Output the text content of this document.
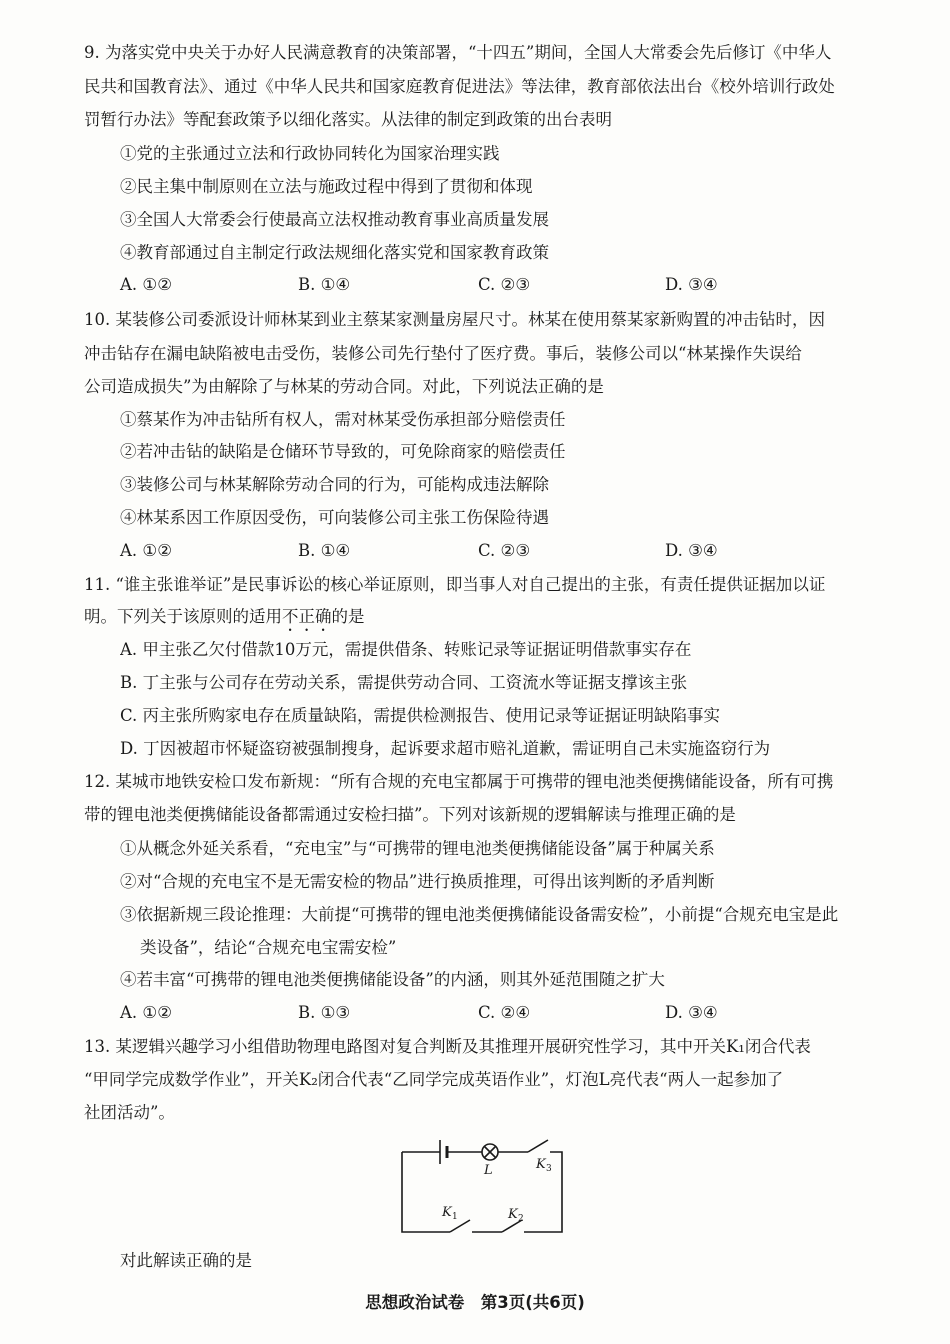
9. 为落实党中央关于办好人民满意教育的决策部署，“十四五”期间，全国人大常委会先后修订《中华人
民共和国教育法》、通过《中华人民共和国家庭教育促进法》等法律，教育部依法出台《校外培训行政处
罚暂行办法》等配套政策予以细化落实。从法律的制定到政策的出台表明
①党的主张通过立法和行政协同转化为国家治理实践
②民主集中制原则在立法与施政过程中得到了贯彻和体现
③全国人大常委会行使最高立法权推动教育事业高质量发展
④教育部通过自主制定行政法规细化落实党和国家教育政策
A. ①②	B. ①④	C. ②③	D. ③④
10. 某装修公司委派设计师林某到业主蔡某家测量房屋尺寸。林某在使用蔡某家新购置的冲击钻时，因
冲击钻存在漏电缺陷被电击受伤，装修公司先行垫付了医疗费。事后，装修公司以“林某操作失误给
公司造成损失”为由解除了与林某的劳动合同。对此，下列说法正确的是
①蔡某作为冲击钻所有权人，需对林某受伤承担部分赔偿责任
②若冲击钻的缺陷是仓储环节导致的，可免除商家的赔偿责任
③装修公司与林某解除劳动合同的行为，可能构成违法解除
④林某系因工作原因受伤，可向装修公司主张工伤保险待遇
A. ①②	B. ①④	C. ②③	D. ③④
11. “谁主张谁举证”是民事诉讼的核心举证原则，即当事人对自己提出的主张，有责任提供证据加以证
明。下列关于该原则的适用不正确的是
A. 甲主张乙欠付借款10万元，需提供借条、转账记录等证据证明借款事实存在
B. 丁主张与公司存在劳动关系，需提供劳动合同、工资流水等证据支撑该主张
C. 丙主张所购家电存在质量缺陷，需提供检测报告、使用记录等证据证明缺陷事实
D. 丁因被超市怀疑盗窃被强制搜身，起诉要求超市赔礼道歉，需证明自己未实施盗窃行为
12. 某城市地铁安检口发布新规：“所有合规的充电宝都属于可携带的锂电池类便携储能设备，所有可携
带的锂电池类便携储能设备都需通过安检扫描”。下列对该新规的逻辑解读与推理正确的是
①从概念外延关系看，“充电宝”与“可携带的锂电池类便携储能设备”属于种属关系
②对“合规的充电宝不是无需安检的物品”进行换质推理，可得出该判断的矛盾判断
③依据新规三段论推理：大前提“可携带的锂电池类便携储能设备需安检”，小前提“合规充电宝是此
类设备”，结论“合规充电宝需安检”
④若丰富“可携带的锂电池类便携储能设备”的内涵，则其外延范围随之扩大
A. ①②	B. ①③	C. ②④	D. ③④
13. 某逻辑兴趣学习小组借助物理电路图对复合判断及其推理开展研究性学习，其中开关K₁闭合代表
“甲同学完成数学作业”，开关K₂闭合代表“乙同学完成英语作业”，灯泡L亮代表“两人一起参加了
社团活动”。
L	K 3
K 1	K 2
对此解读正确的是
思想政治试卷　第3页(共6页)
